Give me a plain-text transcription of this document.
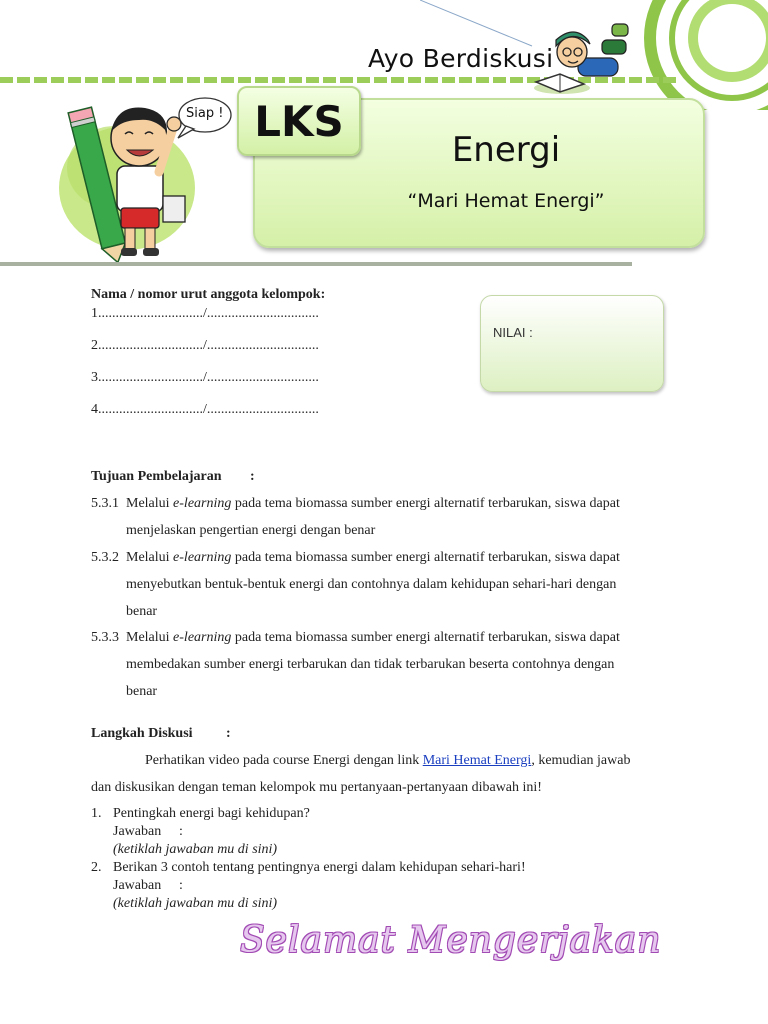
Ayo Berdiskusi
Siap ! LKS
Energi
“Mari Hemat Energi”
Nama / nomor urut anggota kelompok:
1............................../................................
2............................../................................
3............................../................................
4............................../................................
NILAI :
Tujuan Pembelajaran :
5.3.1 Melalui e-learning pada tema biomassa sumber energi alternatif terbarukan, siswa dapat
menjelaskan pengertian energi dengan benar
5.3.2 Melalui e-learning pada tema biomassa sumber energi alternatif terbarukan, siswa dapat
menyebutkan bentuk-bentuk energi dan contohnya dalam kehidupan sehari-hari dengan
benar
5.3.3 Melalui e-learning pada tema biomassa sumber energi alternatif terbarukan, siswa dapat
membedakan sumber energi terbarukan dan tidak terbarukan beserta contohnya dengan
benar
Langkah Diskusi :
Perhatikan video pada course Energi dengan link Mari Hemat Energi, kemudian jawab
dan diskusikan dengan teman kelompok mu pertanyaan-pertanyaan dibawah ini!
1. Pentingkah energi bagi kehidupan?
Jawaban :
(ketiklah jawaban mu di sini)
2. Berikan 3 contoh tentang pentingnya energi dalam kehidupan sehari-hari!
Jawaban :
(ketiklah jawaban mu di sini)
Selamat Mengerjakan
